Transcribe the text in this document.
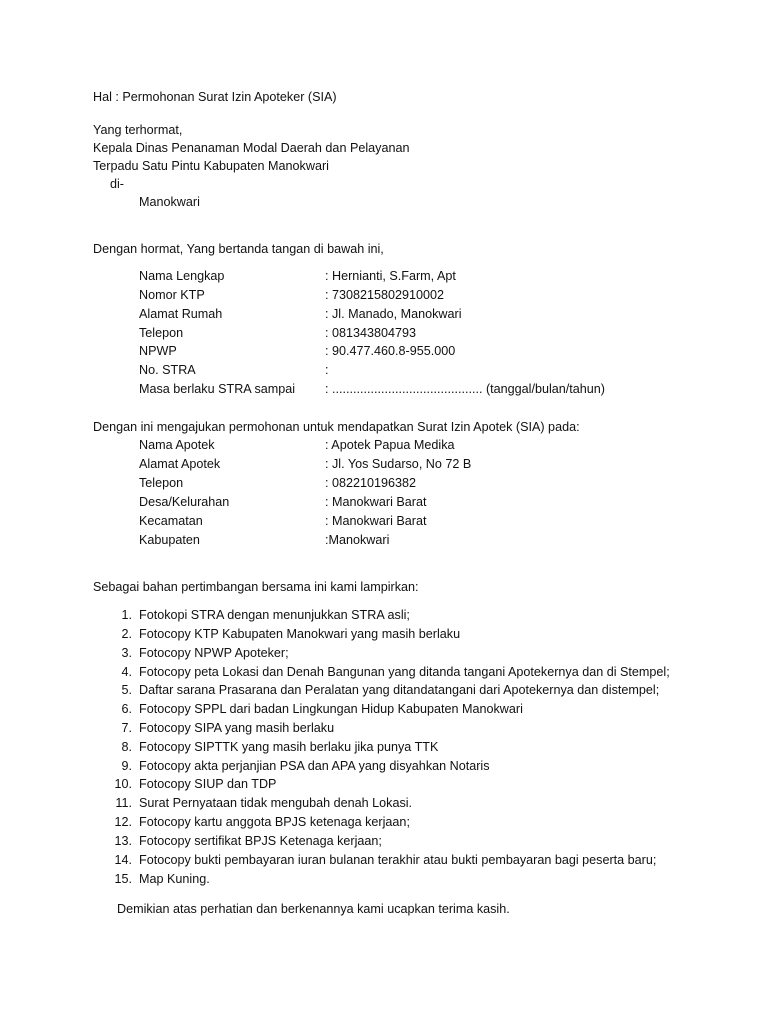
Hal : Permohonan Surat Izin Apoteker (SIA)
Yang terhormat,
Kepala Dinas Penanaman Modal Daerah dan Pelayanan
Terpadu Satu Pintu Kabupaten Manokwari
di-
Manokwari
Dengan hormat, Yang bertanda tangan di bawah ini,
Nama Lengkap	: Hernianti, S.Farm, Apt
Nomor KTP	: 7308215802910002
Alamat Rumah	: Jl. Manado, Manokwari
Telepon	: 081343804793
NPWP	: 90.477.460.8-955.000
No. STRA	:
Masa berlaku STRA sampai : ........................................... (tanggal/bulan/tahun)
Dengan ini mengajukan permohonan untuk mendapatkan Surat Izin Apotek (SIA) pada:
Nama Apotek	: Apotek Papua Medika
Alamat Apotek	: Jl. Yos Sudarso, No 72 B
Telepon	: 082210196382
Desa/Kelurahan	: Manokwari Barat
Kecamatan	: Manokwari Barat
Kabupaten	:Manokwari
Sebagai bahan pertimbangan bersama ini kami lampirkan:
1. Fotokopi STRA dengan menunjukkan STRA asli;
2. Fotocopy KTP Kabupaten Manokwari yang masih berlaku
3. Fotocopy NPWP Apoteker;
4. Fotocopy peta Lokasi dan Denah Bangunan yang ditanda tangani Apotekernya dan di Stempel;
5. Daftar sarana Prasarana dan Peralatan yang ditandatangani dari Apotekernya dan distempel;
6. Fotocopy SPPL dari badan Lingkungan Hidup Kabupaten Manokwari
7. Fotocopy SIPA yang masih berlaku
8. Fotocopy SIPTTK yang masih berlaku jika punya TTK
9. Fotocopy akta perjanjian PSA dan APA yang disyahkan Notaris
10. Fotocopy SIUP dan TDP
11. Surat Pernyataan tidak mengubah denah Lokasi.
12. Fotocopy kartu anggota BPJS ketenaga kerjaan;
13. Fotocopy sertifikat BPJS Ketenaga kerjaan;
14. Fotocopy bukti pembayaran iuran bulanan terakhir atau bukti pembayaran bagi peserta baru;
15. Map Kuning.
Demikian atas perhatian dan berkenannya kami ucapkan terima kasih.
